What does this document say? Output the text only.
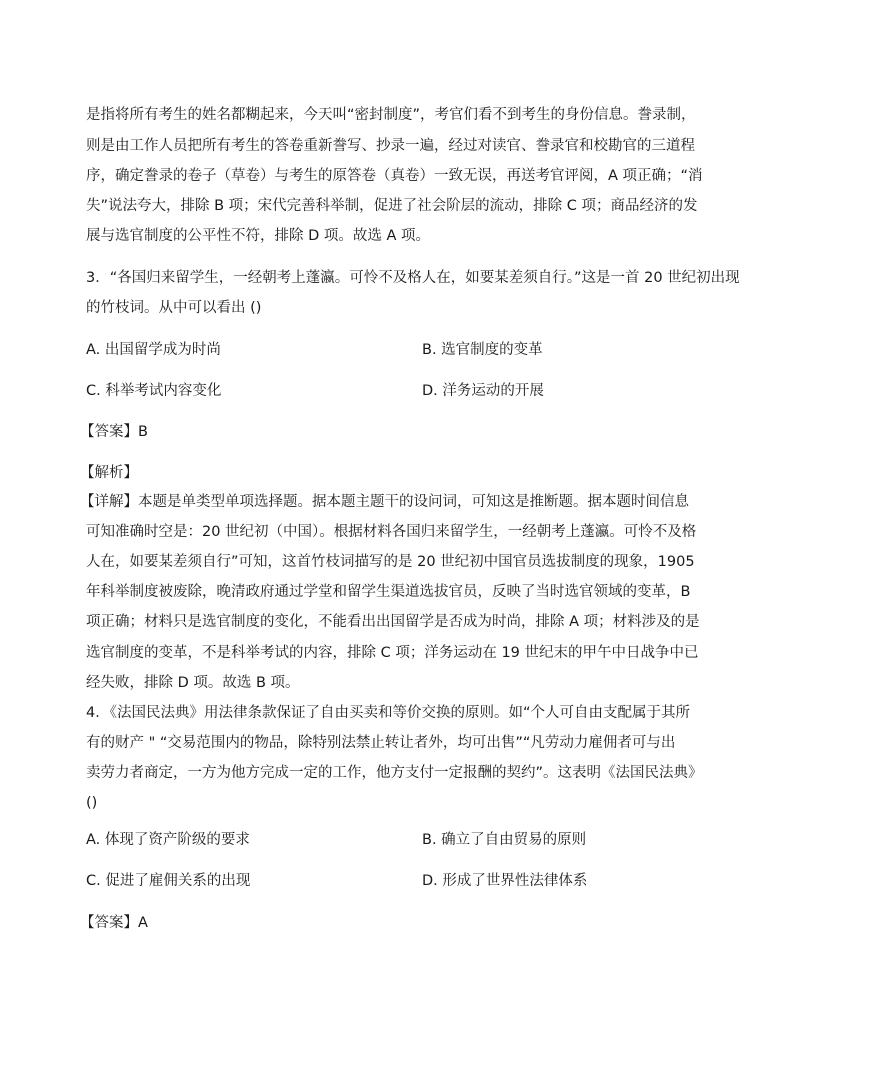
是指将所有考生的姓名都糊起来，今天叫“密封制度”，考官们看不到考生的身份信息。誊录制，
则是由工作人员把所有考生的答卷重新誊写、抄录一遍，经过对读官、誊录官和校勘官的三道程
序，确定誊录的卷子（草卷）与考生的原答卷（真卷）一致无误，再送考官评阅，A 项正确；“消
失”说法夸大，排除 B 项；宋代完善科举制，促进了社会阶层的流动，排除 C 项；商品经济的发
展与选官制度的公平性不符，排除 D 项。故选 A 项。
3．“各国归来留学生，一经朝考上蓬瀛。可怜不及格人在，如要某差须自行。”这是一首 20 世纪初出现
的竹枝词。从中可以看出 ()
A. 出国留学成为时尚	B. 选官制度的变革
C. 科举考试内容变化	D. 洋务运动的开展
【答案】B
【解析】
【详解】本题是单类型单项选择题。据本题主题干的设问词，可知这是推断题。据本题时间信息
可知准确时空是：20 世纪初（中国）。根据材料各国归来留学生，一经朝考上蓬瀛。可怜不及格
人在，如要某差须自行”可知，这首竹枝词描写的是 20 世纪初中国官员选拔制度的现象，1905
年科举制度被废除，晚清政府通过学堂和留学生渠道选拔官员，反映了当时选官领域的变革，B
项正确；材料只是选官制度的变化，不能看出出国留学是否成为时尚，排除 A 项；材料涉及的是
选官制度的变革，不是科举考试的内容，排除 C 项；洋务运动在 19 世纪末的甲午中日战争中已
经失败，排除 D 项。故选 B 项。
4．《法国民法典》用法律条款保证了自由买卖和等价交换的原则。如“个人可自由支配属于其所
有的财产 " “交易范围内的物品，除特别法禁止转让者外，均可出售”“凡劳动力雇佣者可与出
卖劳力者商定，一方为他方完成一定的工作，他方支付一定报酬的契约”。这表明《法国民法典》
()
A. 体现了资产阶级的要求	B. 确立了自由贸易的原则
C. 促进了雇佣关系的出现	D. 形成了世界性法律体系
【答案】A
